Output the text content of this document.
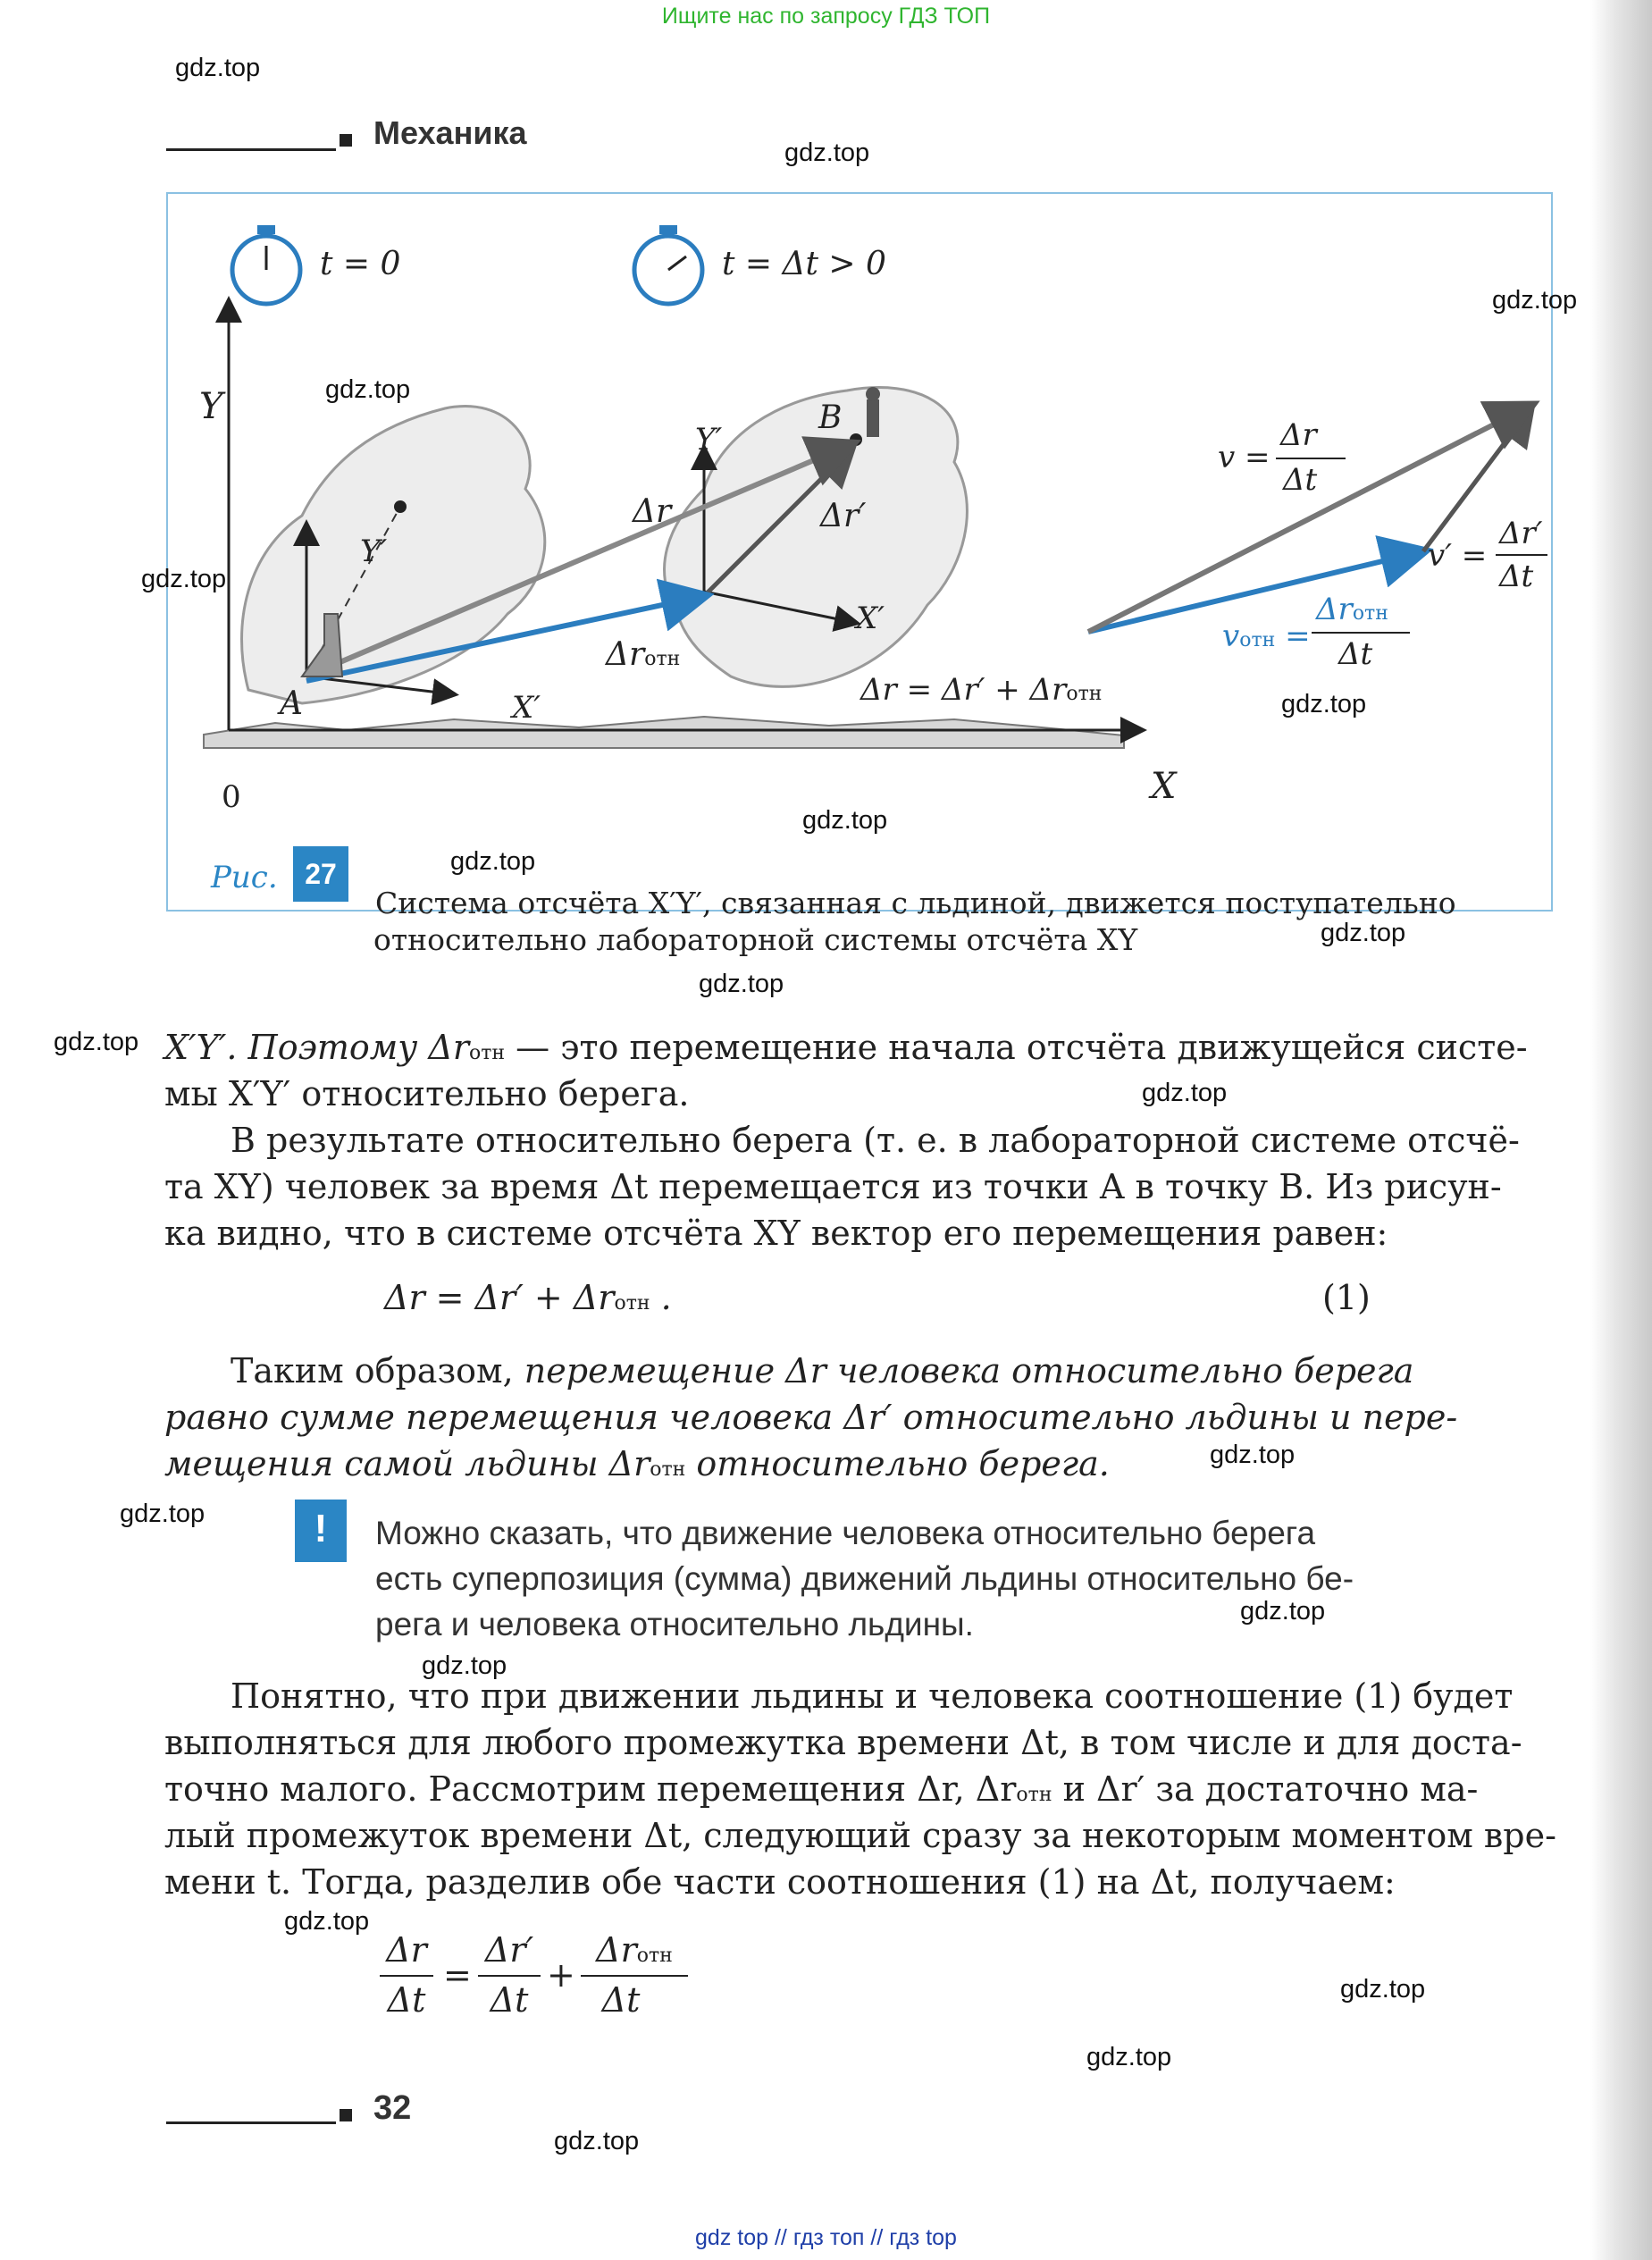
Ищите нас по запросу ГДЗ ТОП
Механика
t = 0	t = Δt > 0
Y
X
0
Y′
X′
Y′
X′
A
B
Δr	Δr′
Δrотн
Δr = Δr′ + Δrотн
v =
Δr
Δt
v′ =
Δr′
Δt
vотн =
Δrотн
Δt
Рис. 27
Система отсчёта X′Y′, связанная с льдиной, движется поступательно
относительно лабораторной системы отсчёта XY
X′Y′. Поэтому Δrотн — это перемещение начала отсчёта движущейся систе-
мы X′Y′ относительно берега.
В результате относительно берега (т. е. в лабораторной системе отсчё-
та XY) человек за время Δt перемещается из точки A в точку B. Из рисун-
ка видно, что в системе отсчёта XY вектор его перемещения равен:
Δr = Δr′ + Δrотн .	(1)
Таким образом, перемещение Δr человека относительно берега
равно сумме перемещения человека Δr′ относительно льдины и пере-
мещения самой льдины Δrотн относительно берега.
!	Можно сказать, что движение человека относительно берега
есть суперпозиция (сумма) движений льдины относительно бе-
рега и человека относительно льдины.
Понятно, что при движении льдины и человека соотношение (1) будет
выполняться для любого промежутка времени Δt, в том числе и для доста-
точно малого. Рассмотрим перемещения Δr, Δrотн и Δr′ за достаточно ма-
лый промежуток времени Δt, следующий сразу за некоторым моментом вре-
мени t. Тогда, разделив обе части соотношения (1) на Δt, получаем:
Δr
Δt
=
Δr′
Δt
+
Δrотн
Δt
32
gdz.top
gdz.top
gdz.top
gdz.top
gdz.top
gdz.top
gdz.top
gdz.top
gdz.top
gdz.top
gdz.top
gdz.top
gdz.top
gdz.top
gdz.top
gdz.top
gdz.top
gdz.top
gdz.top
gdz.top
gdz top // гдз топ // гдз top
